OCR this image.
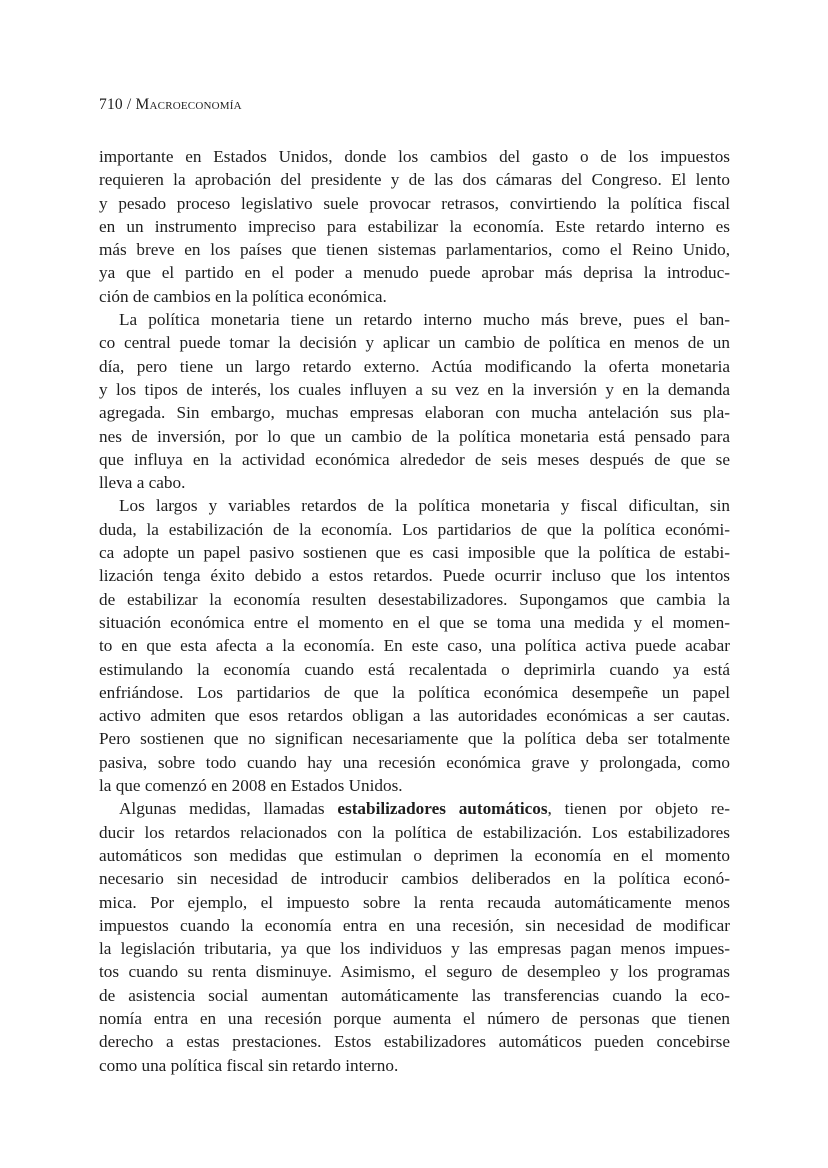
710 / Macroeconomía
importante en Estados Unidos, donde los cambios del gasto o de los impuestos
requieren la aprobación del presidente y de las dos cámaras del Congreso. El lento
y pesado proceso legislativo suele provocar retrasos, convirtiendo la política fiscal
en un instrumento impreciso para estabilizar la economía. Este retardo interno es
más breve en los países que tienen sistemas parlamentarios, como el Reino Unido,
ya que el partido en el poder a menudo puede aprobar más deprisa la introduc-
ción de cambios en la política económica.
La política monetaria tiene un retardo interno mucho más breve, pues el ban-
co central puede tomar la decisión y aplicar un cambio de política en menos de un
día, pero tiene un largo retardo externo. Actúa modificando la oferta monetaria
y los tipos de interés, los cuales influyen a su vez en la inversión y en la demanda
agregada. Sin embargo, muchas empresas elaboran con mucha antelación sus pla-
nes de inversión, por lo que un cambio de la política monetaria está pensado para
que influya en la actividad económica alrededor de seis meses después de que se
lleva a cabo.
Los largos y variables retardos de la política monetaria y fiscal dificultan, sin
duda, la estabilización de la economía. Los partidarios de que la política económi-
ca adopte un papel pasivo sostienen que es casi imposible que la política de estabi-
lización tenga éxito debido a estos retardos. Puede ocurrir incluso que los intentos
de estabilizar la economía resulten desestabilizadores. Supongamos que cambia la
situación económica entre el momento en el que se toma una medida y el momen-
to en que esta afecta a la economía. En este caso, una política activa puede acabar
estimulando la economía cuando está recalentada o deprimirla cuando ya está
enfriándose. Los partidarios de que la política económica desempeñe un papel
activo admiten que esos retardos obligan a las autoridades económicas a ser cautas.
Pero sostienen que no significan necesariamente que la política deba ser totalmente
pasiva, sobre todo cuando hay una recesión económica grave y prolongada, como
la que comenzó en 2008 en Estados Unidos.
Algunas medidas, llamadas estabilizadores automáticos, tienen por objeto re-
ducir los retardos relacionados con la política de estabilización. Los estabilizadores
automáticos son medidas que estimulan o deprimen la economía en el momento
necesario sin necesidad de introducir cambios deliberados en la política econó-
mica. Por ejemplo, el impuesto sobre la renta recauda automáticamente menos
impuestos cuando la economía entra en una recesión, sin necesidad de modificar
la legislación tributaria, ya que los individuos y las empresas pagan menos impues-
tos cuando su renta disminuye. Asimismo, el seguro de desempleo y los programas
de asistencia social aumentan automáticamente las transferencias cuando la eco-
nomía entra en una recesión porque aumenta el número de personas que tienen
derecho a estas prestaciones. Estos estabilizadores automáticos pueden concebirse
como una política fiscal sin retardo interno.
